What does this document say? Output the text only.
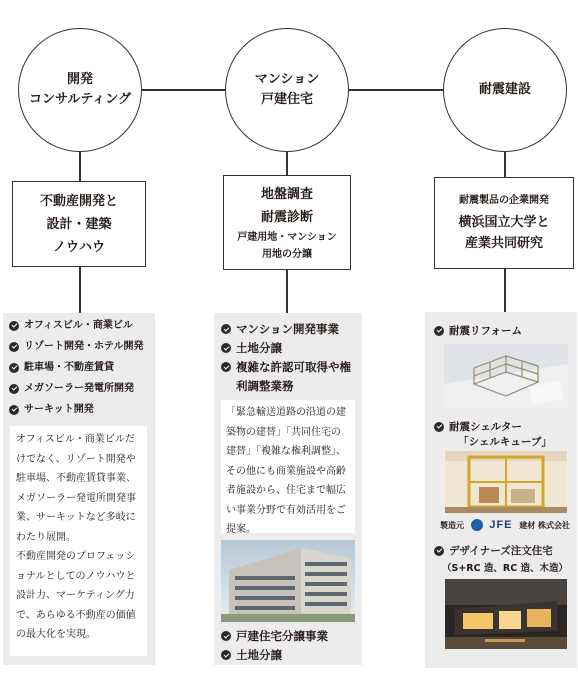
開発
コンサルティング
マンション
戸建住宅
耐震建設
不動産開発と
設計・建築
ノウハウ
地盤調査
耐震診断
戸建用地・マンション
用地の分譲
耐震製品の企業開発
横浜国立大学と
産業共同研究
オフィスビル・商業ビル
リゾート開発・ホテル開発
駐車場・不動産賃貸
メガソーラー発電所開発
サーキット開発

オフィスビル・商業ビルだけでなく、リゾート開発や駐車場、不動産賃貸事業、メガソーラー発電所開発事業、サーキットなど多岐にわたり展開。

不動産開発のプロフェッショナルとしてのノウハウと設計力、マーケティング力で、あらゆる不動産の価値の最大化を実現。

マンション開発事業
土地分譲
複雑な許認可取得や権利調整業務

「緊急輸送道路の沿道の建築物の建替」「共同住宅の建替」「複雑な権利調整」、その他にも商業施設や高齢者施設から、住宅まで幅広い事業分野で有効活用をご提案。

戸建住宅分譲事業
土地分譲
耐震リフォーム
耐震シェルター
「シェルキューブ」
製造元 JFE 建材 株式会社
デザイナーズ注文住宅
（S+RC 造、RC 造、木造）
